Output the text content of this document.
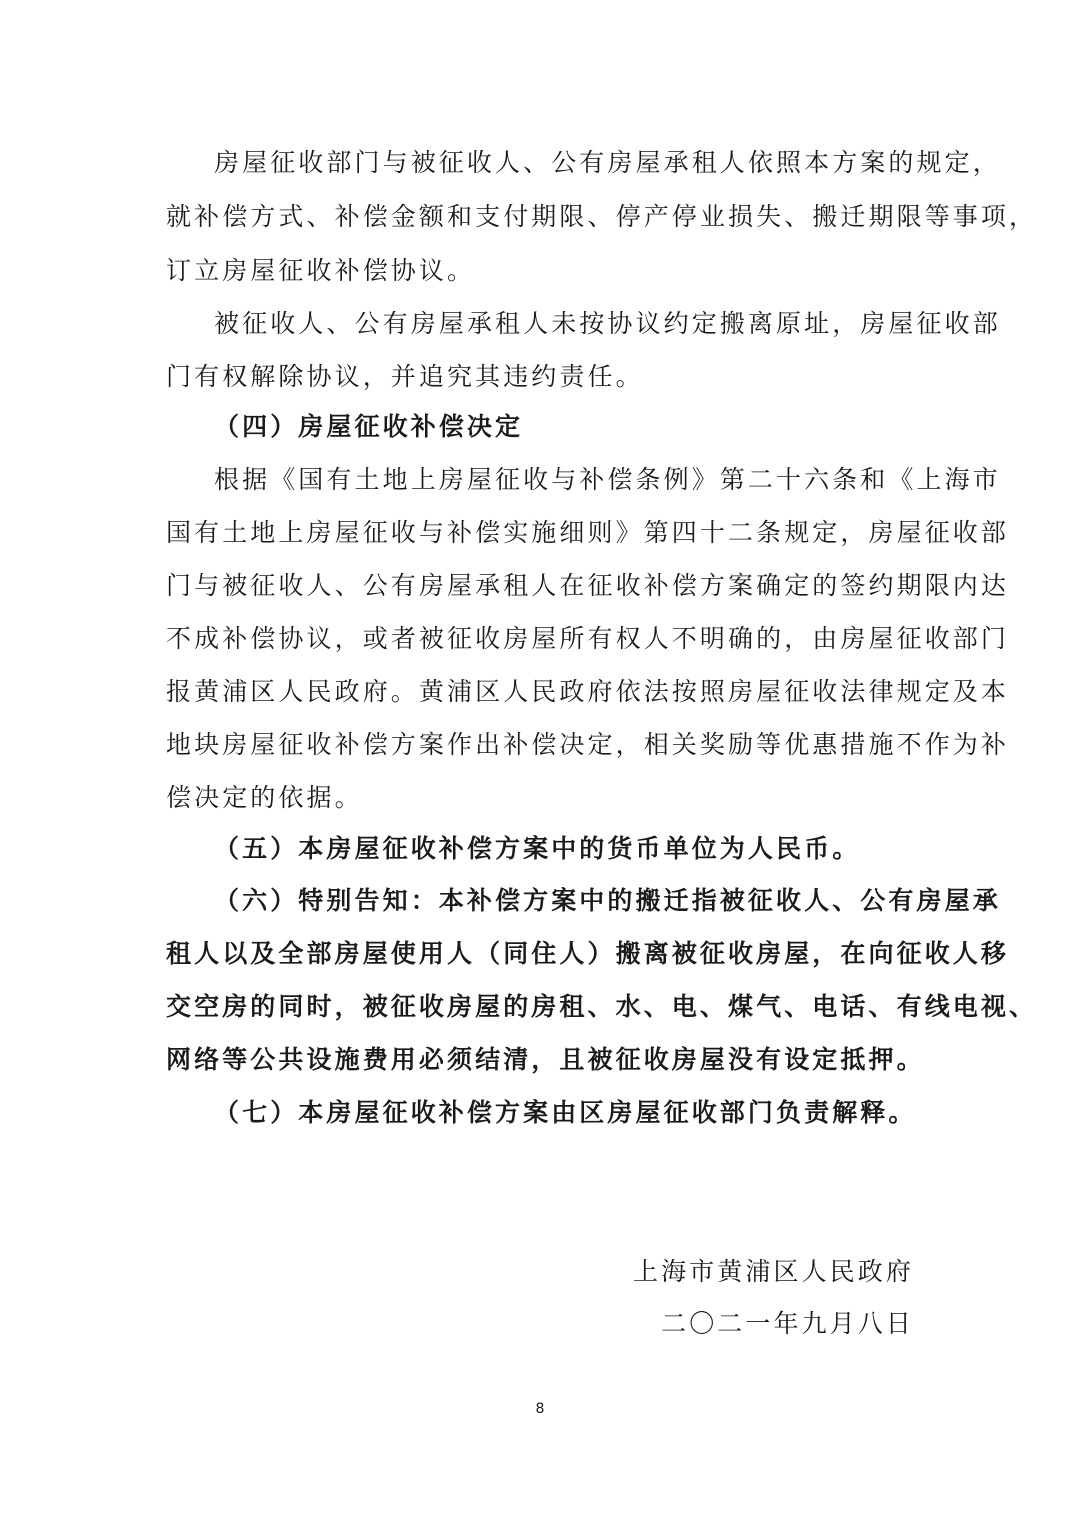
房屋征收部门与被征收人、公有房屋承租人依照本方案的规定，
就补偿方式、补偿金额和支付期限、停产停业损失、搬迁期限等事项，
订立房屋征收补偿协议。
被征收人、公有房屋承租人未按协议约定搬离原址，房屋征收部
门有权解除协议，并追究其违约责任。
（四）房屋征收补偿决定
根据《国有土地上房屋征收与补偿条例》第二十六条和《上海市
国有土地上房屋征收与补偿实施细则》第四十二条规定，房屋征收部
门与被征收人、公有房屋承租人在征收补偿方案确定的签约期限内达
不成补偿协议，或者被征收房屋所有权人不明确的，由房屋征收部门
报黄浦区人民政府。黄浦区人民政府依法按照房屋征收法律规定及本
地块房屋征收补偿方案作出补偿决定，相关奖励等优惠措施不作为补
偿决定的依据。
（五）本房屋征收补偿方案中的货币单位为人民币。
（六）特别告知：本补偿方案中的搬迁指被征收人、公有房屋承
租人以及全部房屋使用人（同住人）搬离被征收房屋，在向征收人移
交空房的同时，被征收房屋的房租、水、电、煤气、电话、有线电视、
网络等公共设施费用必须结清，且被征收房屋没有设定抵押。
（七）本房屋征收补偿方案由区房屋征收部门负责解释。
上海市黄浦区人民政府
二〇二一年九月八日
8
